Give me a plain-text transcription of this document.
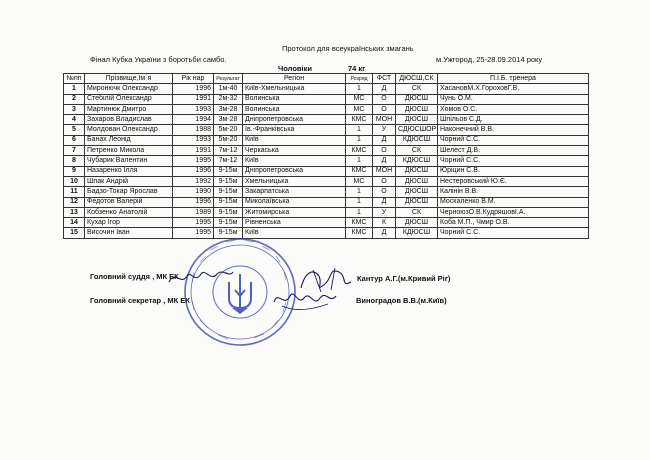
Протокол для всеукраїнських змагань
Фінал Кубка України з боротьби самбо.	м.Ужгород, 25-28.09.2014 року
Чоловіки	74 кг
№пп	Прізвище,Ім`я	Рік нар	Результат	Регіон	Розряд	ФСТ	ДЮСШ,СК	П.І.Б. тренера
1	Миронючк Олександр	1996	1м-40	Київ-Хмельницька	1	Д	СК	ХасановМ.Х.ГороховГ.В.
2	Стебілій Олександр	1991	2м-32	Волинська	МС	О	ДЮСШ	Чунь О.М.
3	Мартинюк Дмитро	1993	3м-28	Волинська	МС	О	ДЮСШ	Хомов О.С.
4	Захаров Владислав	1994	3м-28	Дніпропетровська	КМС	МОН	ДЮСШ	Шпільов С.Д.
5	Молдован Олександр	1988	5м-20	Ів.-Франківська	1	У	СДЮСШОР	Наконечний В.В.
6	Банах Леонід	1993	5м-20	Київ	1	Д	КДЮСШ	Чорний С.С.
7	Петренко Микола	1991	7м-12	Черкаська	КМС	О	СК	Шелест Д.В.
8	Чубарик Валентин	1995	7м-12	Київ	1	Д	КДЮСШ	Чорний С.С.
9	Назаренко Ілля	1996	9-15м	Дніпропетровська	КМС	МОН	ДЮСШ	Юріцин С.В.
10	Шпак Андрій	1992	9-15м	Хмельницька	МС	О	ДЮСШ	Нестеровський Ю.Є.
11	Бадзо-Токар Ярослав	1990	9-15м	Закарпатська	1	О	ДЮСШ	Калінін В.В.
12	Федотов Валерій	1996	9-15м	Миколаївська	1	Д	ДЮСШ	Москаленко В.М.
13	Кобзенко Анатолій	1989	9-15м	Житомирська	1	У	СК	ЧерноюзО.В.КудряшовІ.А.
14	Кухар Ігор	1995	9-15м	Рівненська	КМС	К	ДЮСШ	Коба М.П., Чмир О.В.
15	Височин Іван	1995	9-15м	Київ	КМС	Д	КДЮСШ	Чорний С.С.
Головний суддя , МК ЕК	Кантур А.Г.(м.Кривий Ріг)
Головний секретар , МК ЕК	Виноградов В.В.(м.Київ)
